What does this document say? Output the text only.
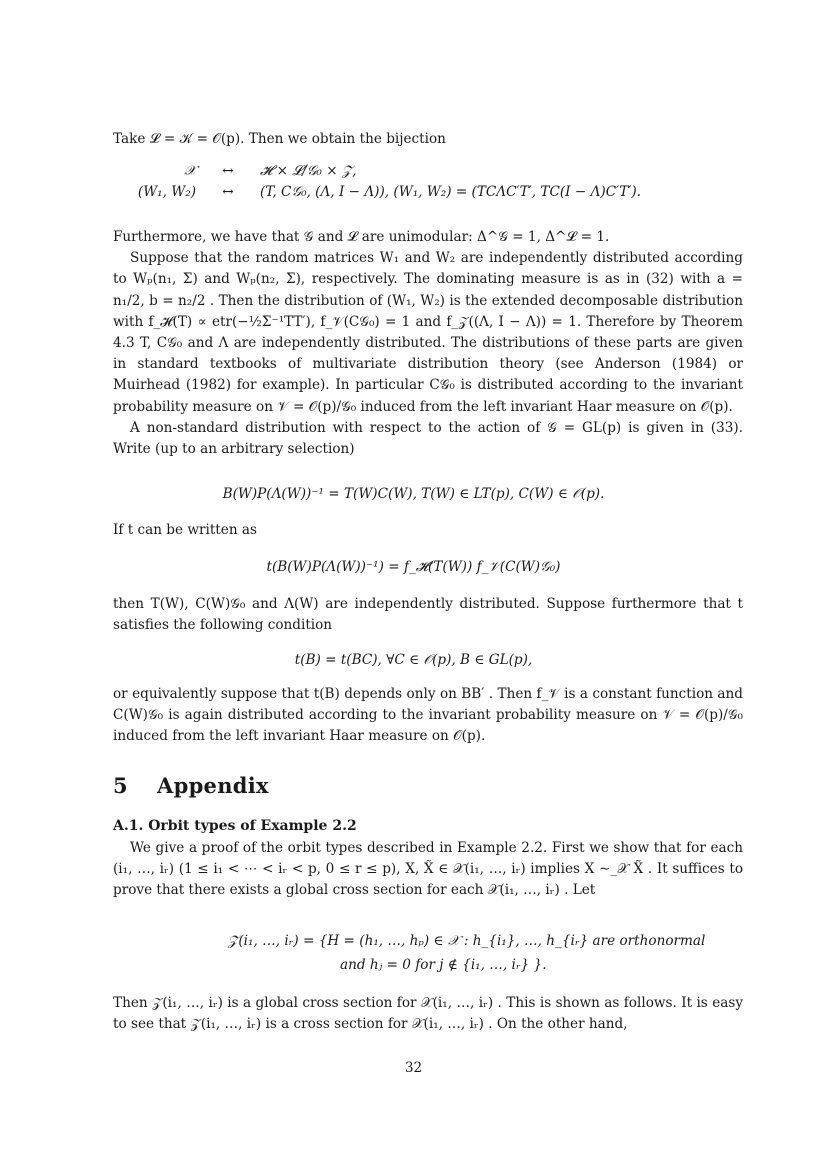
Take 𝓛 = 𝒦 = 𝒪(p). Then we obtain the bijection

𝒳	↔	𝓗 × 𝓛/𝒢₀ × 𝒵,
(W₁, W₂)	↔	(T, C𝒢₀, (Λ, I − Λ)), (W₁, W₂) = (TCΛC′T′, TC(I − Λ)C′T′).

Furthermore, we have that 𝒢 and 𝓛 are unimodular: Δ^𝒢 = 1, Δ^𝓛 = 1.

Suppose that the random matrices W₁ and W₂ are independently distributed according to Wₚ(n₁, Σ) and Wₚ(n₂, Σ), respectively. The dominating measure is as in (32) with a = n₁/2, b = n₂/2 . Then the distribution of (W₁, W₂) is the extended decomposable distribution with f_𝓗(T) ∝ etr(−½Σ⁻¹TT′), f_𝒱(C𝒢₀) = 1 and f_𝒵((Λ, I − Λ)) = 1. Therefore by Theorem 4.3 T, C𝒢₀ and Λ are independently distributed. The distributions of these parts are given in standard textbooks of multivariate distribution theory (see Anderson (1984) or Muirhead (1982) for example). In particular C𝒢₀ is distributed according to the invariant probability measure on 𝒱 = 𝒪(p)/𝒢₀ induced from the left invariant Haar measure on 𝒪(p).

A non-standard distribution with respect to the action of 𝒢 = GL(p) is given in (33). Write (up to an arbitrary selection)

B(W)P(Λ(W))⁻¹ = T(W)C(W), T(W) ∈ LT(p), C(W) ∈ 𝒪(p).

If t can be written as

t(B(W)P(Λ(W))⁻¹) = f_𝓗(T(W)) f_𝒱(C(W)𝒢₀)

then T(W), C(W)𝒢₀ and Λ(W) are independently distributed. Suppose furthermore that t satisfies the following condition

t(B) = t(BC), ∀C ∈ 𝒪(p), B ∈ GL(p),

or equivalently suppose that t(B) depends only on BB′ . Then f_𝒱 is a constant function and C(W)𝒢₀ is again distributed according to the invariant probability measure on 𝒱 = 𝒪(p)/𝒢₀ induced from the left invariant Haar measure on 𝒪(p).

5 Appendix
A.1. Orbit types of Example 2.2

We give a proof of the orbit types described in Example 2.2. First we show that for each (i₁, …, iᵣ) (1 ≤ i₁ < ⋯ < iᵣ < p, 0 ≤ r ≤ p), X, X̃ ∈ 𝒳(i₁, …, iᵣ) implies X ∼_𝒳 X̃ . It suffices to prove that there exists a global cross section for each 𝒳(i₁, …, iᵣ) . Let

𝒵(i₁, …, iᵣ) = {H = (h₁, …, hₚ) ∈ 𝒳 : h_{i₁}, …, h_{iᵣ} are orthonormal
and hⱼ = 0 for j ∉ {i₁, …, iᵣ} }.

Then 𝒵(i₁, …, iᵣ) is a global cross section for 𝒳(i₁, …, iᵣ) . This is shown as follows. It is easy to see that 𝒵(i₁, …, iᵣ) is a cross section for 𝒳(i₁, …, iᵣ) . On the other hand,

32
